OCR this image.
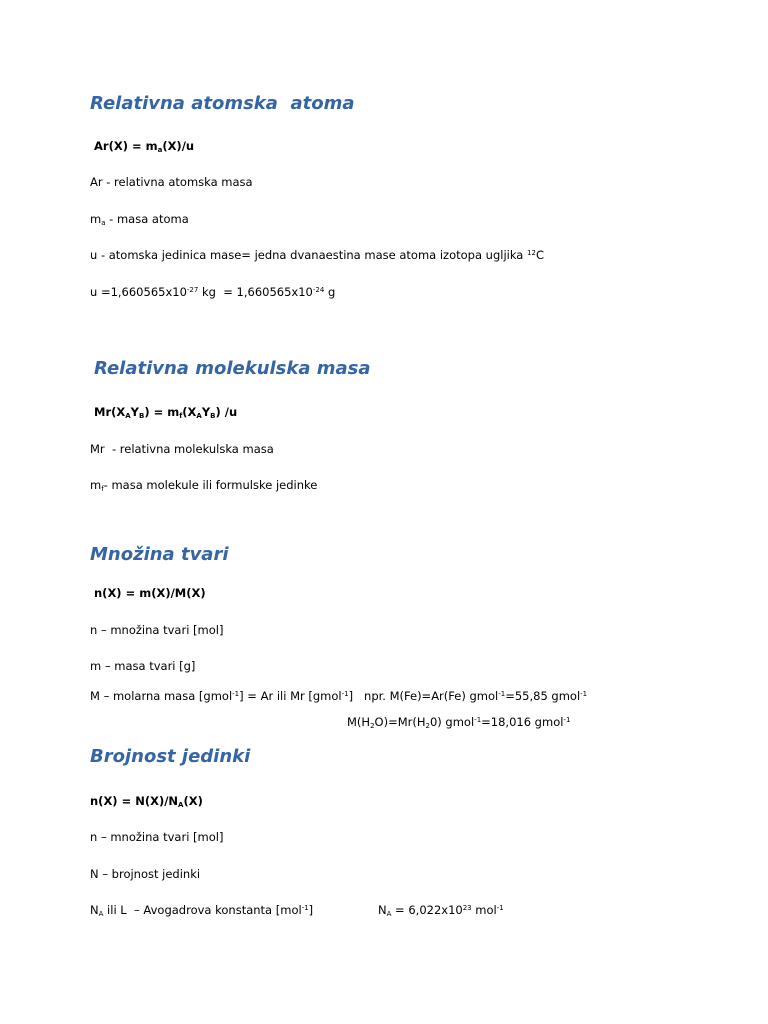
Relativna atomska  atoma
$Ar(X) = m_a(X)/u$
Ar - relativna atomska masa
$m_a$ - masa atoma
u - atomska jedinica mase= jedna dvanaestina mase atoma izotopa ugljika $^{12}$C
$u =1,660565x10^{-27}$ kg  = $1,660565x10^{-24}$ g
Relativna molekulska masa
$Mr(X_AY_B) = m_f(X_AY_B)$ /u
Mr  - relativna molekulska masa
$m_f-$ masa molekule ili formulske jedinke
Množina tvari
n(X) = m(X)/M(X)
n – množina tvari [mol]
m – masa tvari [g]
M – molarna masa [gmol$^{-1}$] = Ar ili Mr [gmol$^{-1}$]   npr. M(Fe)=Ar(Fe) gmol$^{-1}$=55,85 gmol$^{-1}$
$M(H_2O)=Mr(H_20)$ gmol$^{-1}$=18,016 gmol$^{-1}$
Brojnost jedinki
$n(X) = N(X)/N_A(X)$
n – množina tvari [mol]
N – brojnost jedinki
$N_A$ ili L  – Avogadrova konstanta [mol$^{-1}$]	$N_A = 6,022x10^{23}$ mol$^{-1}$
